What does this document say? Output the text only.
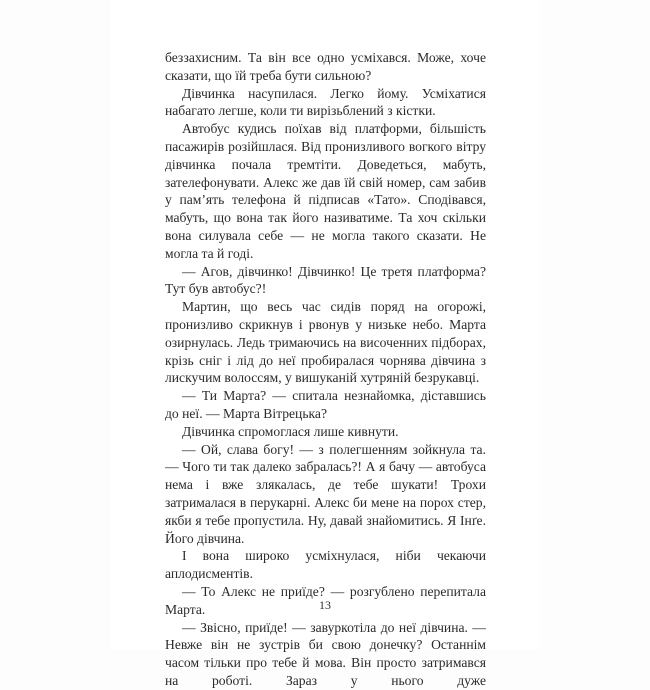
беззахисним. Та він все одно усміхався. Може, хоче сказати, що їй треба бути сильною?

Дівчинка насупилася. Легко йому. Усміхатися набагато легше, коли ти вирізьблений з кістки.

Автобус кудись поїхав від платформи, більшість пасажирів розійшлася. Від пронизливого вогкого вітру дівчинка почала тремтіти. Доведеться, мабуть, зателефонувати. Алекс же дав їй свій номер, сам забив у пам’ять телефона й підписав «Тато». Сподівався, мабуть, що вона так його називатиме. Та хоч скільки вона силувала себе — не могла такого сказати. Не могла та й годі.

— Агов, дівчинко! Дівчинко! Це третя платформа? Тут був автобус?!

Мартин, що весь час сидів поряд на огорожі, пронизливо скрикнув і рвонув у низьке небо. Марта озирнулась. Ледь тримаючись на височенних підборах, крізь сніг і лід до неї пробиралася чорнява дівчина з лискучим волоссям, у вишуканій хутряній безрукавці.

— Ти Марта? — спитала незнайомка, діставшись до неї. — Марта Вітрецька?

Дівчинка спромоглася лише кивнути.

— Ой, слава богу! — з полегшенням зойкнула та. — Чого ти так далеко забралась?! А я бачу — автобуса нема і вже злякалась, де тебе шукати! Трохи затрималася в перукарні. Алекс би мене на порох стер, якби я тебе пропустила. Ну, давай знайомитись. Я Інґе. Його дівчина.

І вона широко усміхнулася, ніби чекаючи аплодисментів.

— То Алекс не приїде? — розгублено перепитала Марта.

— Звісно, приїде! — завуркотіла до неї дівчина. — Невже він не зустрів би свою донечку? Останнім часом тільки про тебе й мова. Він просто затримався на роботі. Зараз у нього дуже

13
